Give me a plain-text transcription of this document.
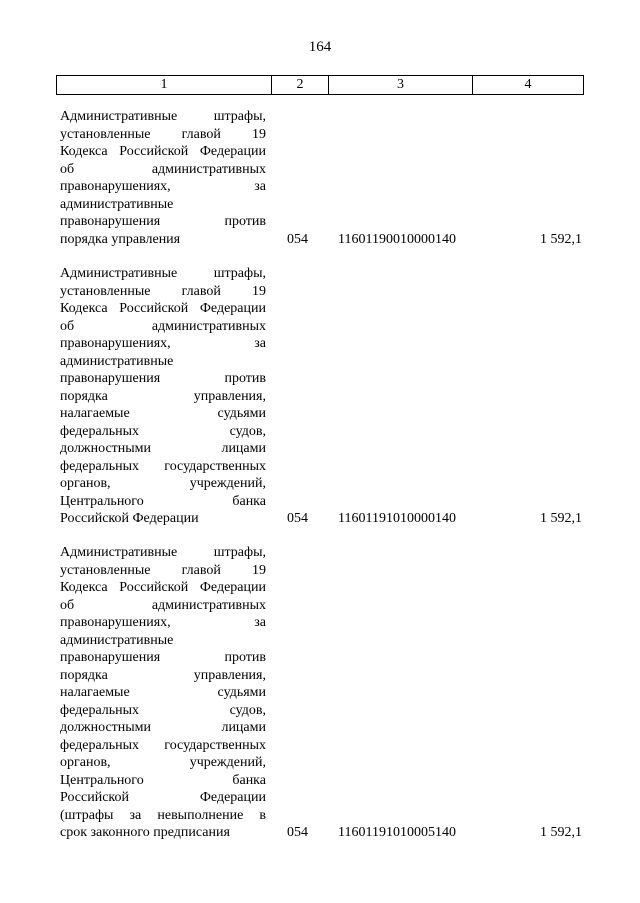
164
1	2	3	4
Административные штрафы,
установленные главой 19
Кодекса Российской Федерации
об административных
правонарушениях, за
административные
правонарушения против
порядка управления	054 11601190010000140	1 592,1
Административные штрафы,
установленные главой 19
Кодекса Российской Федерации
об административных
правонарушениях, за
административные
правонарушения против
порядка управления,
налагаемые судьями
федеральных судов,
должностными лицами
федеральных государственных
органов, учреждений,
Центрального банка
Российской Федерации	054 11601191010000140	1 592,1
Административные штрафы,
установленные главой 19
Кодекса Российской Федерации
об административных
правонарушениях, за
административные
правонарушения против
порядка управления,
налагаемые судьями
федеральных судов,
должностными лицами
федеральных государственных
органов, учреждений,
Центрального банка
Российской Федерации
(штрафы за невыполнение в
срок законного предписания	054 11601191010005140	1 592,1
